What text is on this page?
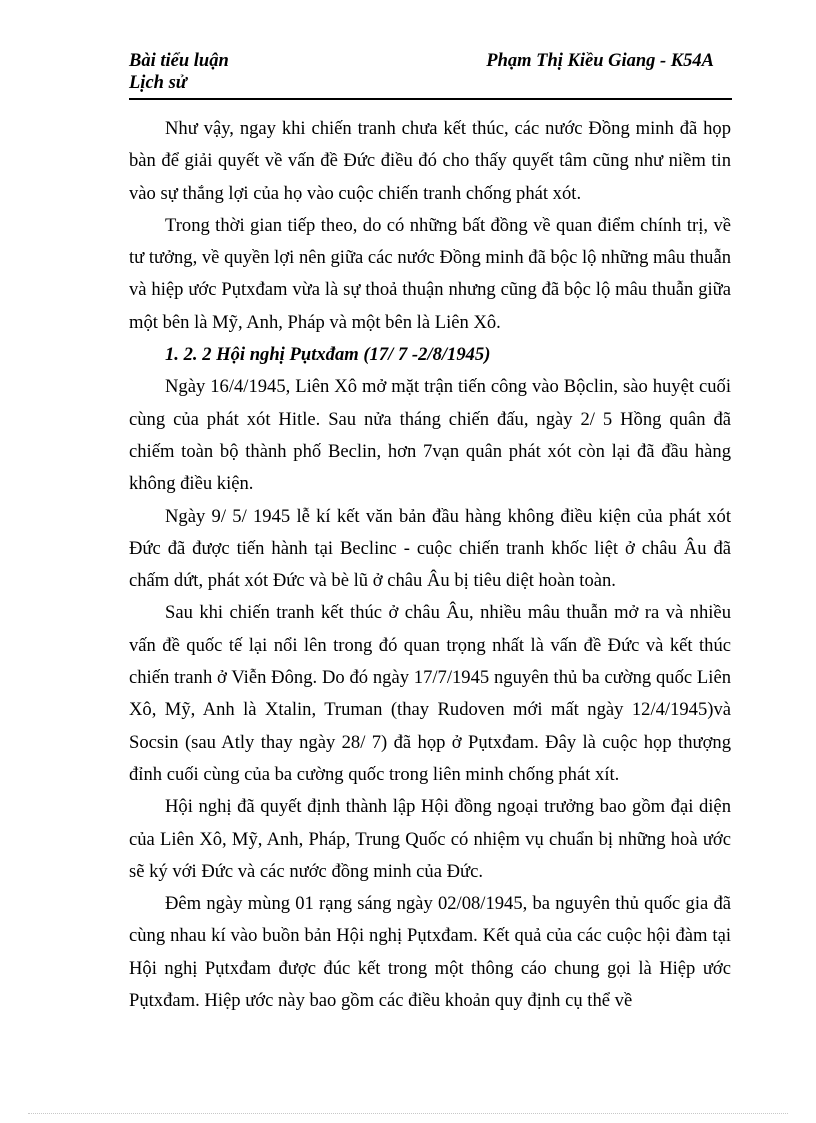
Bài tiểu luận
Lịch sử
Phạm Thị Kiều Giang - K54A

Như vậy, ngay khi chiến tranh chưa kết thúc, các nước Đồng minh đã họp bàn để giải quyết về vấn đề Đức điều đó cho thấy quyết tâm cũng như niềm tin vào sự thắng lợi của họ vào cuộc chiến tranh chống phát xót.

Trong thời gian tiếp theo, do có những bất đồng về quan điểm chính trị, về tư tưởng, về quyền lợi nên giữa các nước Đồng minh đã bộc lộ những mâu thuẫn và hiệp ước Pụtxđam vừa là sự thoả thuận nhưng cũng đã bộc lộ mâu thuẫn giữa một bên là Mỹ, Anh, Pháp và một bên là Liên Xô.

1. 2. 2 Hội nghị Pụtxđam (17/ 7 -2/8/1945)

Ngày 16/4/1945, Liên Xô mở mặt trận tiến công vào Bộclin, sào huyệt cuối cùng của phát xót Hitle. Sau nửa tháng chiến đấu, ngày 2/ 5 Hồng quân đã chiếm toàn bộ thành phố Beclin, hơn 7vạn quân phát xót còn lại đã đầu hàng không điều kiện.

Ngày 9/ 5/ 1945 lễ kí kết văn bản đầu hàng không điều kiện của phát xót Đức đã được tiến hành tại Beclinc - cuộc chiến tranh khốc liệt ở châu Âu đã chấm dứt, phát xót Đức và bè lũ ở châu Âu bị tiêu diệt hoàn toàn.

Sau khi chiến tranh kết thúc ở châu Âu, nhiều mâu thuẫn mở ra và nhiều vấn đề quốc tế lại nổi lên trong đó quan trọng nhất là vấn đề Đức và kết thúc chiến tranh ở Viễn Đông. Do đó ngày 17/7/1945 nguyên thủ ba cường quốc Liên Xô, Mỹ, Anh là Xtalin, Truman (thay Rudoven mới mất ngày 12/4/1945)và Socsin (sau Atly thay ngày 28/ 7) đã họp ở Pụtxđam. Đây là cuộc họp thượng đỉnh cuối cùng của ba cường quốc trong liên minh chống phát xít.

Hội nghị đã quyết định thành lập Hội đồng ngoại trưởng bao gồm đại diện của Liên Xô, Mỹ, Anh, Pháp, Trung Quốc có nhiệm vụ chuẩn bị những hoà ước sẽ ký với Đức và các nước đồng minh của Đức.

Đêm ngày mùng 01 rạng sáng ngày 02/08/1945, ba nguyên thủ quốc gia đã cùng nhau kí vào buồn bản Hội nghị Pụtxđam. Kết quả của các cuộc hội đàm tại Hội nghị Pụtxđam được đúc kết trong một thông cáo chung gọi là Hiệp ước Pụtxđam. Hiệp ước này bao gồm các điều khoản quy định cụ thể về
